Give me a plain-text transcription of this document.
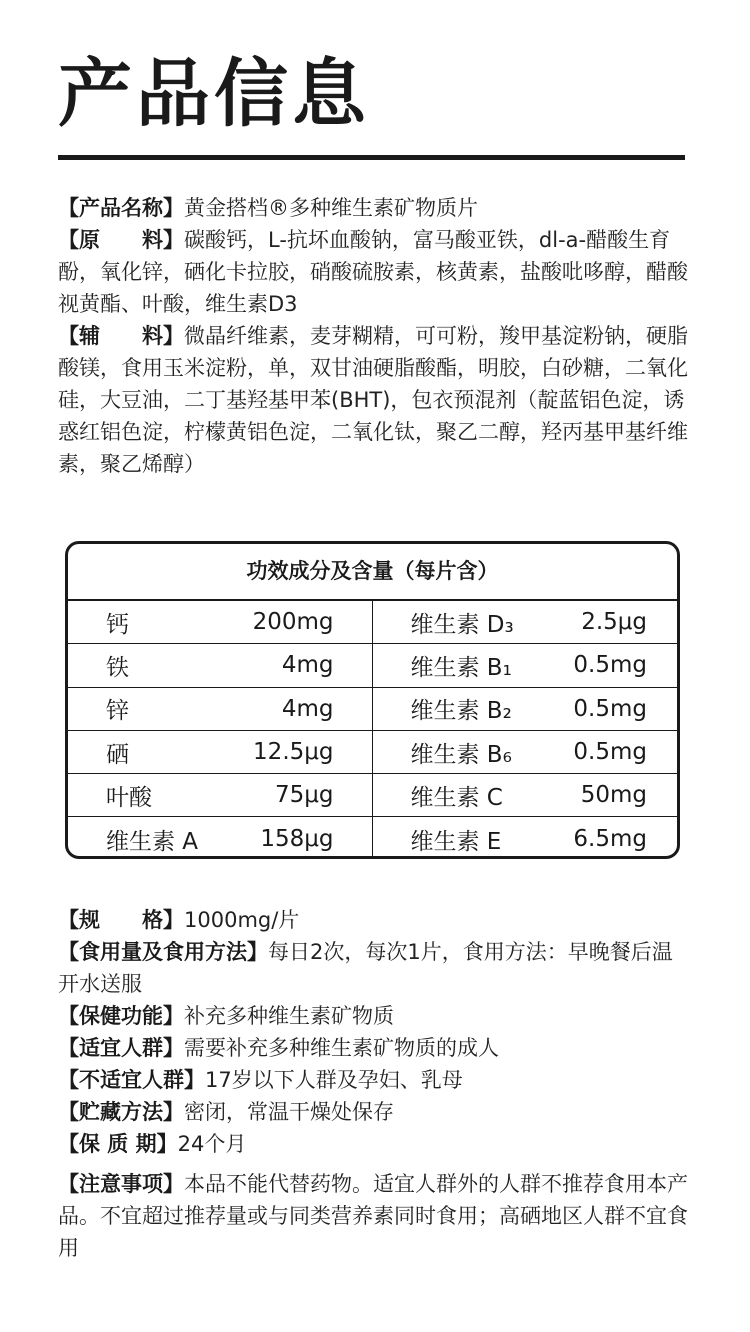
产品信息

【产品名称】黄金搭档®多种维生素矿物质片

【原　　料】碳酸钙，L-抗坏血酸钠，富马酸亚铁，dl-a-醋酸生育酚，氧化锌，硒化卡拉胶，硝酸硫胺素，核黄素，盐酸吡哆醇，醋酸视黄酯、叶酸，维生素D3

【辅　　料】微晶纤维素，麦芽糊精，可可粉，羧甲基淀粉钠，硬脂酸镁，食用玉米淀粉，单，双甘油硬脂酸酯，明胶，白砂糖，二氧化硅，大豆油，二丁基羟基甲苯(BHT)，包衣预混剂（靛蓝铝色淀，诱惑红铝色淀，柠檬黄铝色淀，二氧化钛，聚乙二醇，羟丙基甲基纤维素，聚乙烯醇）

功效成分及含量（每片含）
钙	200mg	维生素 D₃	2.5μg
铁	4mg	维生素 B₁	0.5mg
锌	4mg	维生素 B₂	0.5mg
硒	12.5μg	维生素 B₆	0.5mg
叶酸	75μg	维生素 C	50mg
维生素 A	158μg	维生素 E	6.5mg

【规　　格】1000mg/片

【食用量及食用方法】每日2次，每次1片，食用方法：早晚餐后温开水送服

【保健功能】补充多种维生素矿物质

【适宜人群】需要补充多种维生素矿物质的成人

【不适宜人群】17岁以下人群及孕妇、乳母

【贮藏方法】密闭，常温干燥处保存

【保 质 期】24个月

【注意事项】本品不能代替药物。适宜人群外的人群不推荐食用本产品。不宜超过推荐量或与同类营养素同时食用；高硒地区人群不宜食用
